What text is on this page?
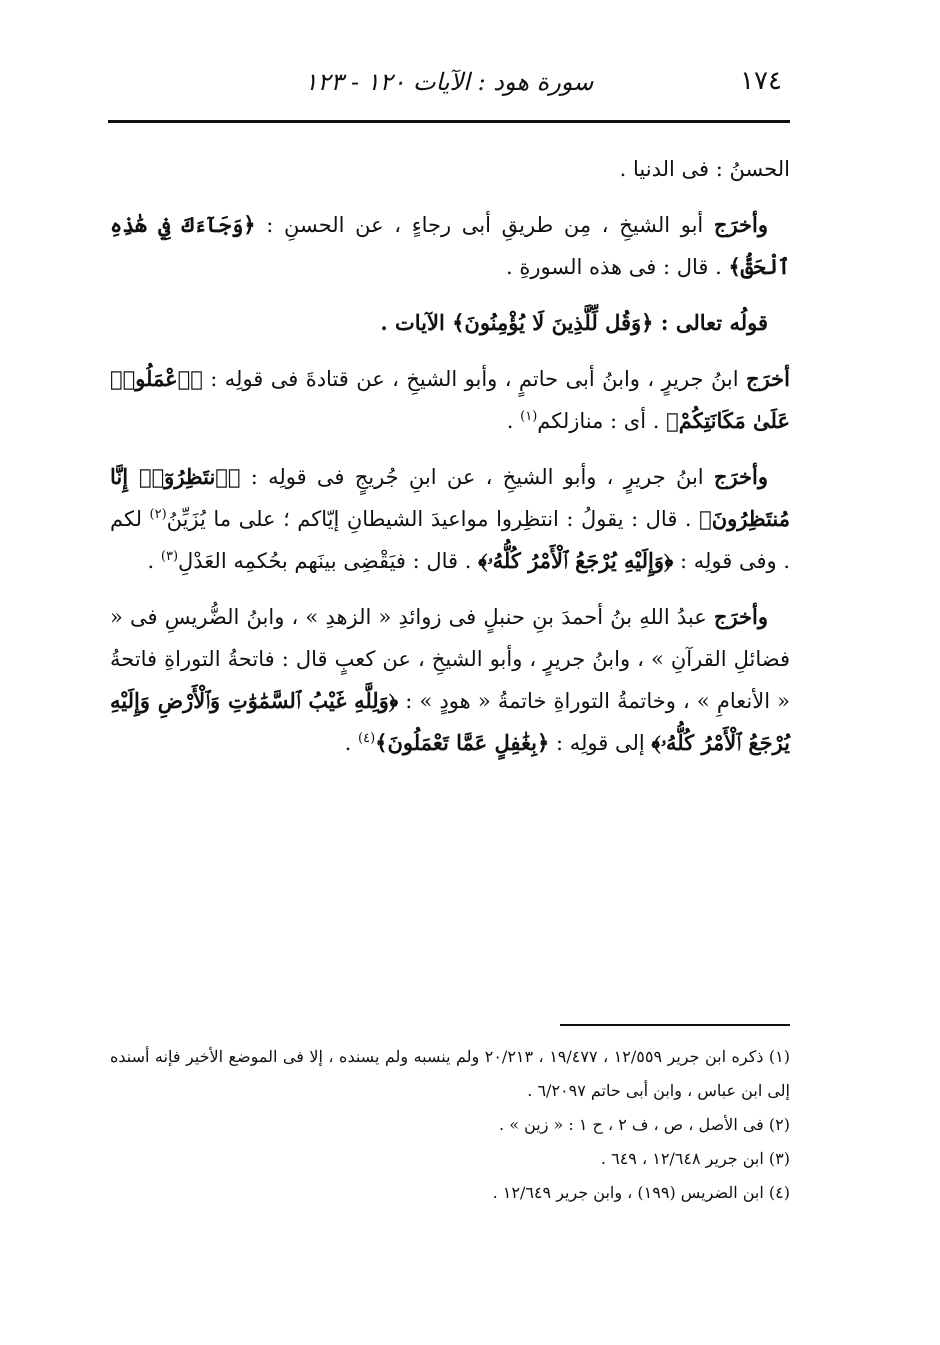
١٧٤
سورة هود : الآيات ١٢٠ - ١٢٣

الحسنُ : فى الدنيا .

وأخرَج أبو الشيخِ ، مِن طريقِ أبى رجاءٍ ، عن الحسنِ : ﴿وَجَآءَكَ فِي هَٰذِهِ ٱلْحَقُّ﴾ . قال : فى هذه السورةِ .

قولُه تعالى : ﴿وَقُل لِّلَّذِينَ لَا يُؤْمِنُونَ﴾ الآيات .

أخرَج ابنُ جريرٍ ، وابنُ أبى حاتمٍ ، وأبو الشيخِ ، عن قتادةَ فى قولِه : ﴿ٱعْمَلُوا۟ عَلَىٰ مَكَانَتِكُمْ﴾ . أى : منازلكم$^{(١)}$ .

وأخرَج ابنُ جريرٍ ، وأبو الشيخِ ، عن ابنِ جُريجٍ فى قولِه : ﴿ٱنتَظِرُوٓا۟ إِنَّا مُنتَظِرُونَ﴾ . قال : يقولُ : انتظِروا مواعيدَ الشيطانِ إيّاكم ؛ على ما يُزَيِّنُ$^{(٢)}$ لكم . وفى قولِه : ﴿وَإِلَيْهِ يُرْجَعُ ٱلْأَمْرُ كُلُّهُۥ﴾ . قال : فيَقْضِى بينَهم بحُكمِه العَدْلِ$^{(٣)}$ .

وأخرَج عبدُ اللهِ بنُ أحمدَ بنِ حنبلٍ فى زوائدِ « الزهدِ » ، وابنُ الضُّريسِ فى « فضائلِ القرآنِ » ، وابنُ جريرٍ ، وأبو الشيخِ ، عن كعبٍ قال : فاتحةُ التوراةِ فاتحةُ « الأنعامِ » ، وخاتمةُ التوراةِ خاتمةُ « هودٍ » : ﴿وَلِلَّهِ غَيْبُ ٱلسَّمَٰوَٰتِ وَٱلْأَرْضِ وَإِلَيْهِ يُرْجَعُ ٱلْأَمْرُ كُلُّهُۥ﴾ إلى قولِه : ﴿بِغَٰفِلٍ عَمَّا تَعْمَلُونَ﴾$^{(٤)}$ .

(١) ذكره ابن جرير ١٢/٥٥٩ ، ١٩/٤٧٧ ، ٢٠/٢١٣ ولم ينسبه ولم يسنده ، إلا فى الموضع الأخير فإنه أسنده إلى ابن عباس ، وابن أبى حاتم ٦/٢٠٩٧ .

(٢) فى الأصل ، ص ، ف ٢ ، ح ١ : « زين » .

(٣) ابن جرير ١٢/٦٤٨ ، ٦٤٩ .

(٤) ابن الضريس (١٩٩) ، وابن جرير ١٢/٦٤٩ .
